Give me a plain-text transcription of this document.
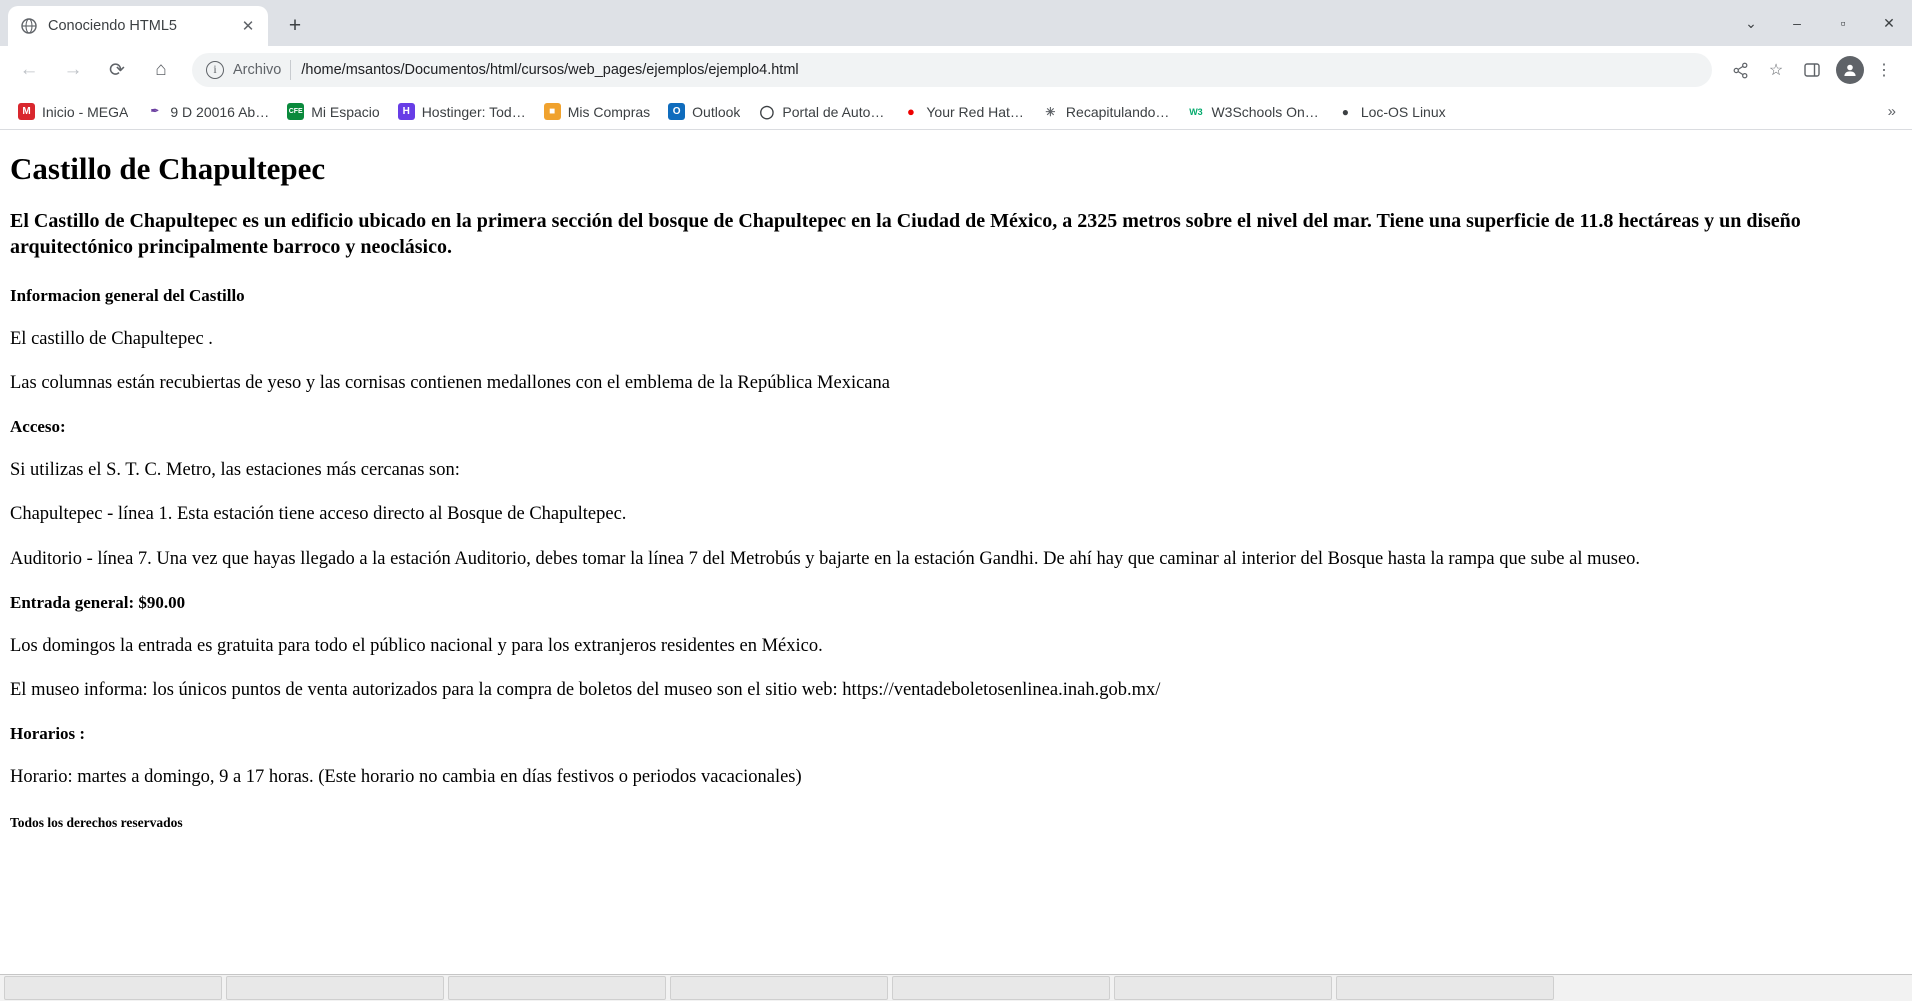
Conociendo HTML5	✕	+	⌄	–	▫	✕
←	→	⟳	⌂	i	Archivo /home/msantos/Documentos/html/cursos/web_pages/ejemplos/ejemplo4.html	☆	⋮
M Inicio - MEGA	✒ 9 D 20016 Ab…	CFE Mi Espacio	H Hostinger: Tod…	■ Mis Compras	O Outlook ◯ Portal de Auto…	● Your Red Hat… ✳ Recapitulando… W3 W3Schools On…	● Loc-OS Linux	»
Castillo de Chapultepec

El Castillo de Chapultepec es un edificio ubicado en la primera sección del bosque de Chapultepec en la Ciudad de México, a 2325 metros sobre el nivel del mar. Tiene una superficie de 11.8 hectáreas y un diseño arquitectónico principalmente barroco y neoclásico.

Informacion general del Castillo

El castillo de Chapultepec .

Las columnas están recubiertas de yeso y las cornisas contienen medallones con el emblema de la República Mexicana

Acceso:

Si utilizas el S. T. C. Metro, las estaciones más cercanas son:

Chapultepec - línea 1. Esta estación tiene acceso directo al Bosque de Chapultepec.

Auditorio - línea 7. Una vez que hayas llegado a la estación Auditorio, debes tomar la línea 7 del Metrobús y bajarte en la estación Gandhi. De ahí hay que caminar al interior del Bosque hasta la rampa que sube al museo.

Entrada general: $90.00

Los domingos la entrada es gratuita para todo el público nacional y para los extranjeros residentes en México.

El museo informa: los únicos puntos de venta autorizados para la compra de boletos del museo son el sitio web: https://ventadeboletosenlinea.inah.gob.mx/

Horarios :

Horario: martes a domingo, 9 a 17 horas. (Este horario no cambia en días festivos o periodos vacacionales)

Todos los derechos reservados
